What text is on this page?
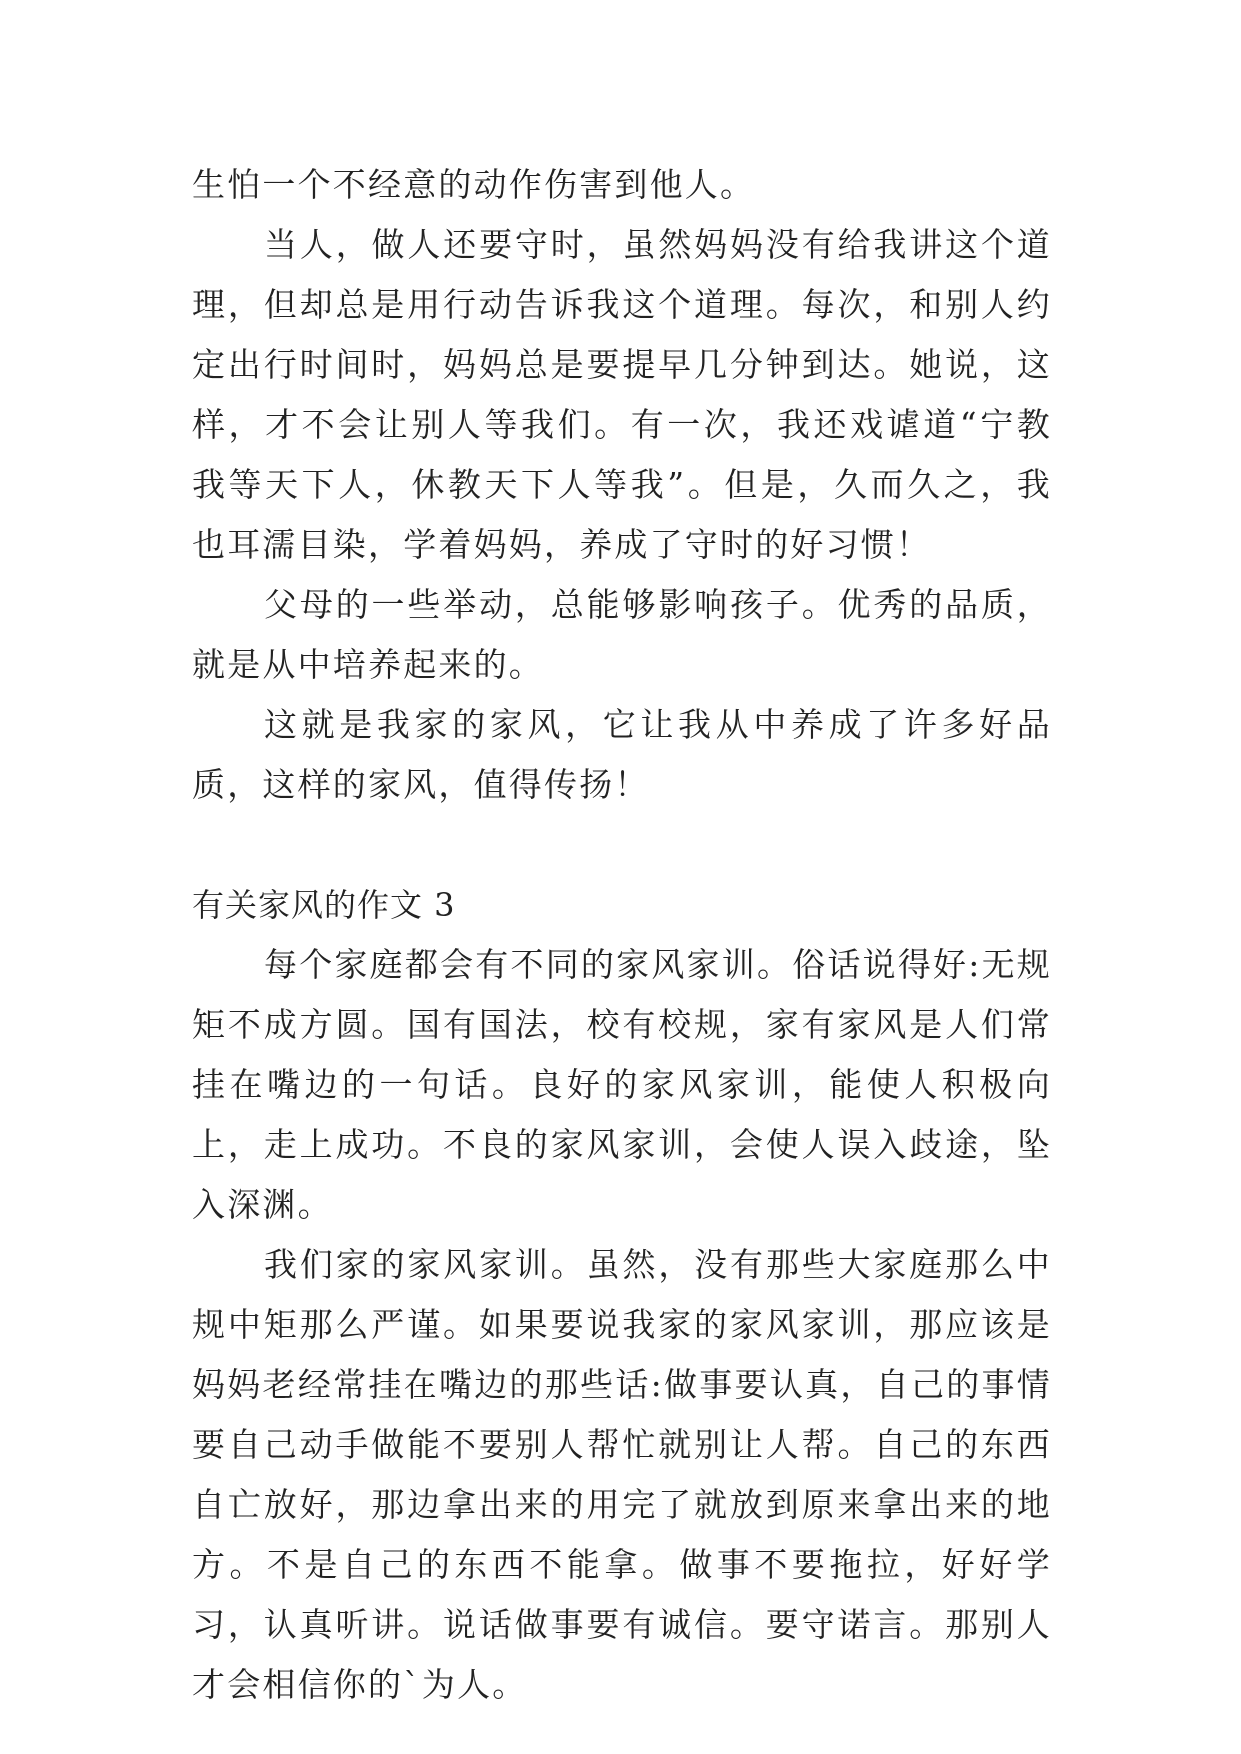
生怕一个不经意的动作伤害到他人。

当人，做人还要守时，虽然妈妈没有给我讲这个道理，但却总是用行动告诉我这个道理。每次，和别人约定出行时间时，妈妈总是要提早几分钟到达。她说，这样，才不会让别人等我们。有一次，我还戏谑道“宁教我等天下人，休教天下人等我”。但是，久而久之，我也耳濡目染，学着妈妈，养成了守时的好习惯！

父母的一些举动，总能够影响孩子。优秀的品质，就是从中培养起来的。

这就是我家的家风，它让我从中养成了许多好品质，这样的家风，值得传扬！

有关家风的作文 3

每个家庭都会有不同的家风家训。俗话说得好:无规矩不成方圆。国有国法，校有校规，家有家风是人们常挂在嘴边的一句话。良好的家风家训，能使人积极向上，走上成功。不良的家风家训，会使人误入歧途，坠入深渊。

我们家的家风家训。虽然，没有那些大家庭那么中规中矩那么严谨。如果要说我家的家风家训，那应该是妈妈老经常挂在嘴边的那些话:做事要认真，自己的事情要自己动手做能不要别人帮忙就别让人帮。自己的东西自亡放好，那边拿出来的用完了就放到原来拿出来的地方。不是自己的东西不能拿。做事不要拖拉，好好学习，认真听讲。说话做事要有诚信。要守诺言。那别人才会相信你的`为人。
